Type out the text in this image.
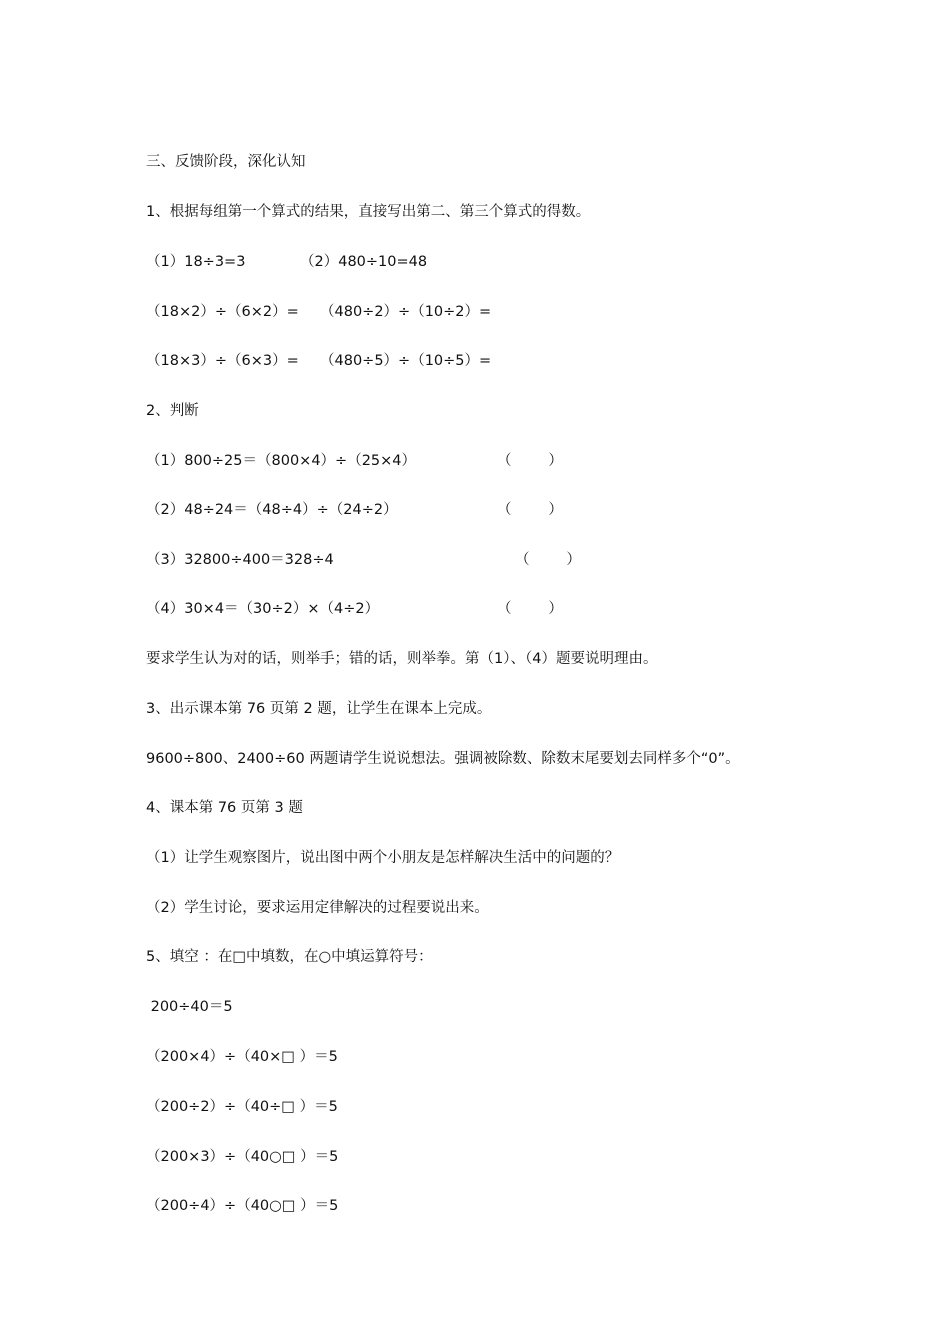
三、反馈阶段，深化认知
1、根据每组第一个算式的结果，直接写出第二、第三个算式的得数。
（1）18÷3=3	（2）480÷10=48
（18×2）÷（6×2）= （480÷2）÷（10÷2）=
（18×3）÷（6×3）= （480÷5）÷（10÷5）=
2、判断
（1）800÷25＝（800×4）÷（25×4）	（        ）
（2）48÷24＝（48÷4）÷（24÷2）	（        ）
（3）32800÷400＝328÷4	（        ）
（4）30×4＝（30÷2）×（4÷2）	（        ）
要求学生认为对的话，则举手；错的话，则举拳。第（1）、（4）题要说明理由。
3、出示课本第 76 页第 2 题，让学生在课本上完成。
9600÷800、2400÷60 两题请学生说说想法。强调被除数、除数末尾要划去同样多个“0”。
4、课本第 76 页第 3 题
（1）让学生观察图片，说出图中两个小朋友是怎样解决生活中的问题的？
（2）学生讨论，要求运用定律解决的过程要说出来。
5、填空 ：在□中填数，在○中填运算符号：
200÷40＝5
（200×4）÷（40×□ ）＝5
（200÷2）÷（40÷□ ）＝5
（200×3）÷（40○□ ）＝5
（200÷4）÷（40○□ ）＝5
